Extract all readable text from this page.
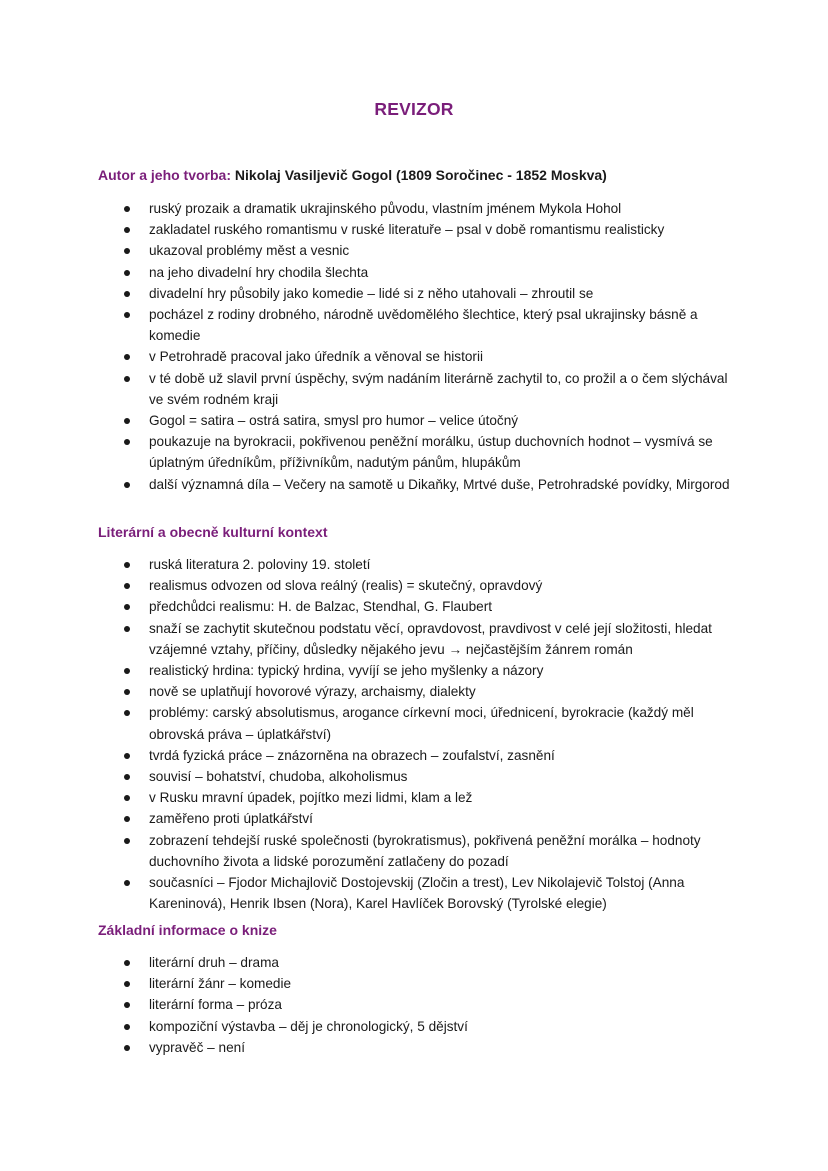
REVIZOR
Autor a jeho tvorba: Nikolaj Vasiljevič Gogol (1809 Soročinec - 1852 Moskva)
ruský prozaik a dramatik ukrajinského původu, vlastním jménem Mykola Hohol
zakladatel ruského romantismu v ruské literatuře – psal v době romantismu realisticky
ukazoval problémy měst a vesnic
na jeho divadelní hry chodila šlechta
divadelní hry působily jako komedie – lidé si z něho utahovali – zhroutil se
pocházel z rodiny drobného, národně uvědomělého šlechtice, který psal ukrajinsky básně a komedie
v Petrohradě pracoval jako úředník a věnoval se historii
v té době už slavil první úspěchy, svým nadáním literárně zachytil to, co prožil a o čem slýchával ve svém rodném kraji
Gogol = satira – ostrá satira, smysl pro humor – velice útočný
poukazuje na byrokracii, pokřivenou peněžní morálku, ústup duchovních hodnot – vysmívá se úplatným úředníkům, příživníkům, nadutým pánům, hlupákům
další významná díla – Večery na samotě u Dikaňky, Mrtvé duše, Petrohradské povídky, Mirgorod
Literární a obecně kulturní kontext
ruská literatura 2. poloviny 19. století
realismus odvozen od slova reálný (realis) = skutečný, opravdový
předchůdci realismu: H. de Balzac, Stendhal, G. Flaubert
snaží se zachytit skutečnou podstatu věcí, opravdovost, pravdivost v celé její složitosti, hledat vzájemné vztahy, příčiny, důsledky nějakého jevu → nejčastějším žánrem román
realistický hrdina: typický hrdina, vyvíjí se jeho myšlenky a názory
nově se uplatňují hovorové výrazy, archaismy, dialekty
problémy: carský absolutismus, arogance církevní moci, úřednicení, byrokracie (každý měl obrovská práva – úplatkářství)
tvrdá fyzická práce – znázorněna na obrazech – zoufalství, zasnění
souvisí – bohatství, chudoba, alkoholismus
v Rusku mravní úpadek, pojítko mezi lidmi, klam a lež
zaměřeno proti úplatkářství
zobrazení tehdejší ruské společnosti (byrokratismus), pokřivená peněžní morálka – hodnoty duchovního života a lidské porozumění zatlačeny do pozadí
současníci – Fjodor Michajlovič Dostojevskij (Zločin a trest), Lev Nikolajevič Tolstoj (Anna Kareninová), Henrik Ibsen (Nora), Karel Havlíček Borovský (Tyrolské elegie)
Základní informace o knize
literární druh – drama
literární žánr – komedie
literární forma – próza
kompoziční výstavba – děj je chronologický, 5 dějství
vypravěč – není
